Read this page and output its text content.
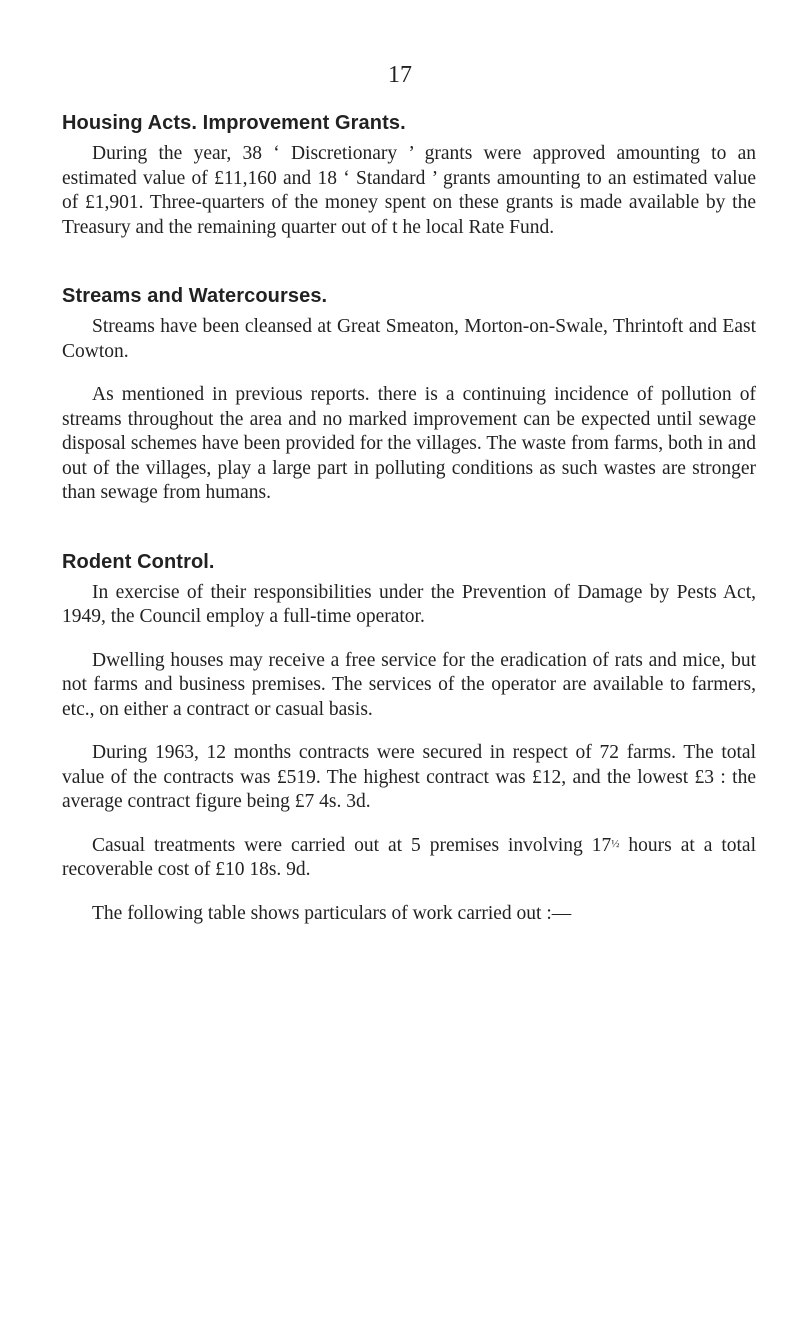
17
Housing Acts. Improvement Grants.

During the year, 38 ‘ Discretionary ’ grants were approved amounting to an estimated value of £11,160 and 18 ‘ Standard ’ grants amounting to an estimated value of £1,901. Three-quarters of the money spent on these grants is made available by the Treasury and the remaining quarter out of t he local Rate Fund.

Streams and Watercourses.

Streams have been cleansed at Great Smeaton, Morton-on-Swale, Thrintoft and East Cowton.

As mentioned in previous reports. there is a continuing incidence of pollution of streams throughout the area and no marked improvement can be expected until sewage disposal schemes have been provided for the villages. The waste from farms, both in and out of the villages, play a large part in polluting conditions as such wastes are stronger than sewage from humans.

Rodent Control.

In exercise of their responsibilities under the Prevention of Damage by Pests Act, 1949, the Council employ a full-time operator.

Dwelling houses may receive a free service for the eradication of rats and mice, but not farms and business premises. The services of the operator are available to farmers, etc., on either a contract or casual basis.

During 1963, 12 months contracts were secured in respect of 72 farms. The total value of the contracts was £519. The highest contract was £12, and the lowest £3 : the average contract figure being £7 4s. 3d.

Casual treatments were carried out at 5 premises involving $17^{\frac{1}{2}}$ hours at a total recoverable cost of £10 18s. 9d.

The following table shows particulars of work carried out :—
